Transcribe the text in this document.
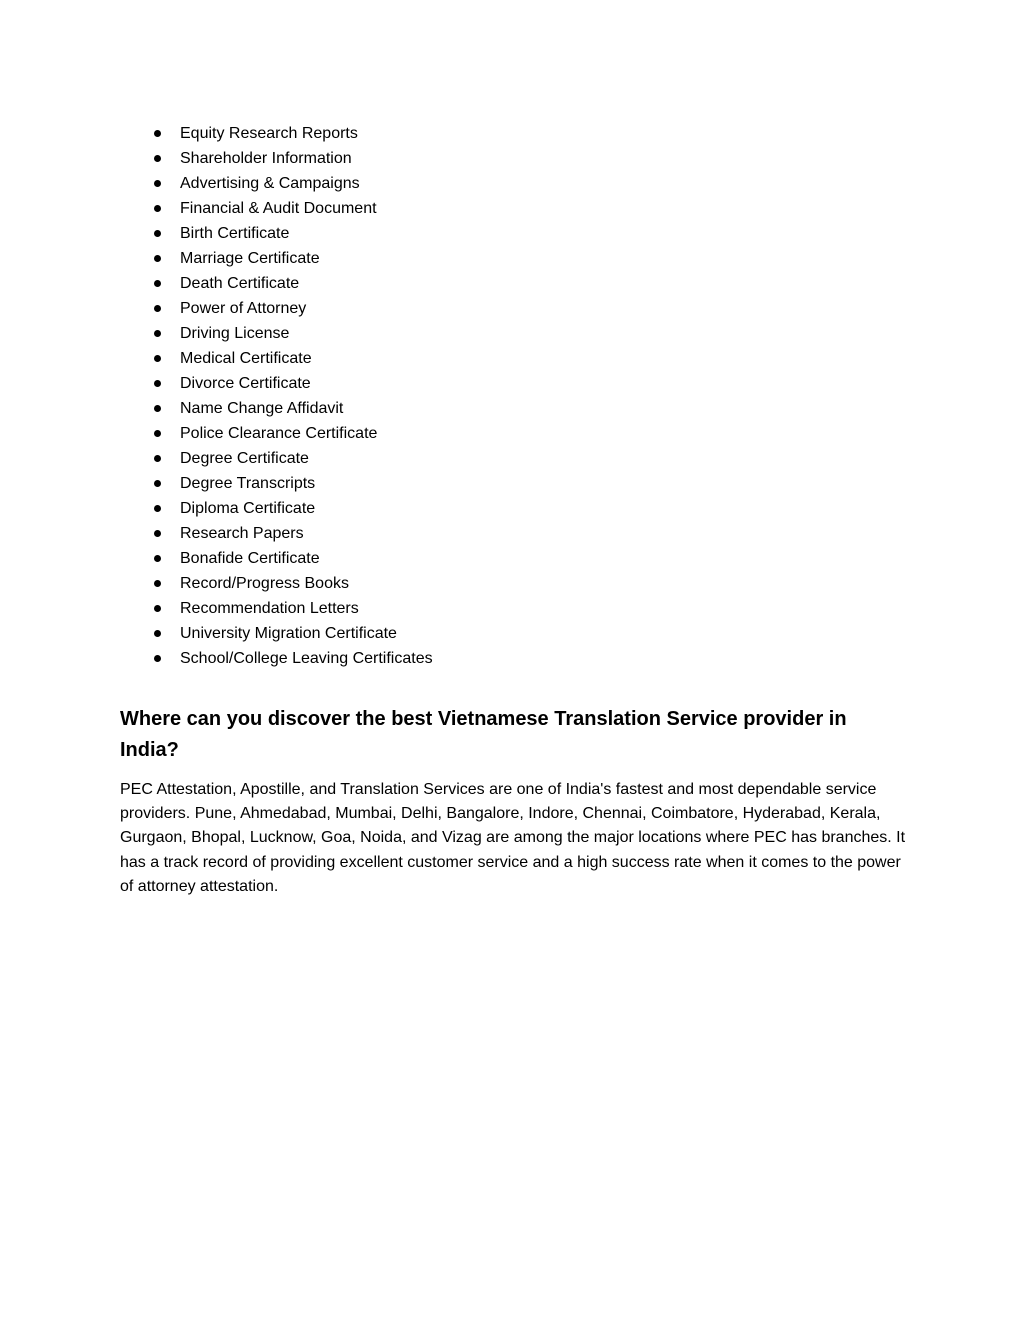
Equity Research Reports
Shareholder Information
Advertising & Campaigns
Financial & Audit Document
Birth Certificate
Marriage Certificate
Death Certificate
Power of Attorney
Driving License
Medical Certificate
Divorce Certificate
Name Change Affidavit
Police Clearance Certificate
Degree Certificate
Degree Transcripts
Diploma Certificate
Research Papers
Bonafide Certificate
Record/Progress Books
Recommendation Letters
University Migration Certificate
School/College Leaving Certificates
Where can you discover the best Vietnamese Translation Service provider in India?

PEC Attestation, Apostille, and Translation Services are one of India's fastest and most dependable service providers. Pune, Ahmedabad, Mumbai, Delhi, Bangalore, Indore, Chennai, Coimbatore, Hyderabad, Kerala, Gurgaon, Bhopal, Lucknow, Goa, Noida, and Vizag are among the major locations where PEC has branches. It has a track record of providing excellent customer service and a high success rate when it comes to the power of attorney attestation.
